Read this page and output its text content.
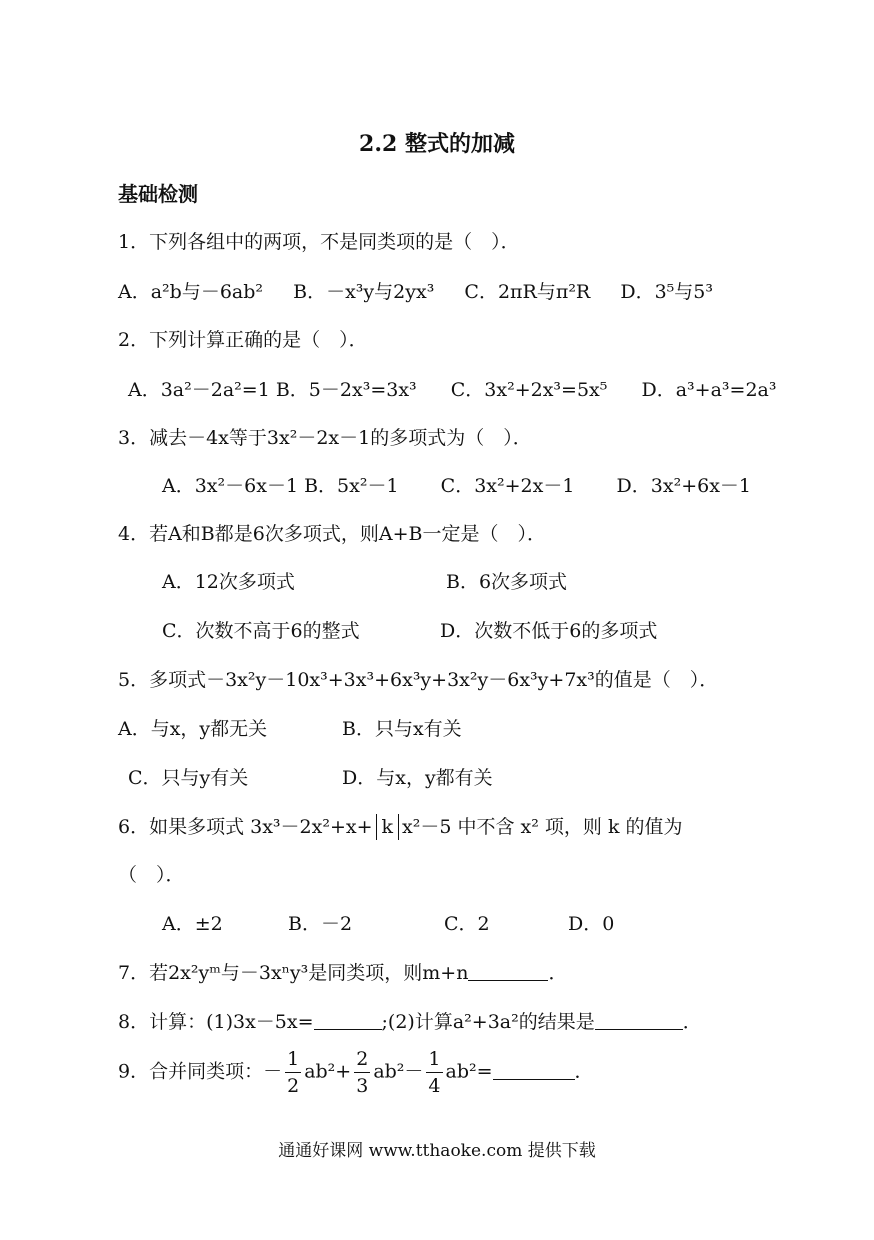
2.2 整式的加减
基础检测
1．下列各组中的两项，不是同类项的是（　）．
A．a²b与－6ab² B．－x³y与2yx³ C．2πR与π²R D．3⁵与5³
2．下列计算正确的是（　）．
A．3a²－2a²=1 B．5－2x³=3x³ C．3x²+2x³=5x⁵ D．a³+a³=2a³
3．减去－4x等于3x²－2x－1的多项式为（　）．
A．3x²－6x－1 B．5x²－1 C．3x²+2x－1 D．3x²+6x－1
4．若A和B都是6次多项式，则A+B一定是（　）．
A．12次多项式	B．6次多项式
C．次数不高于6的整式	D．次数不低于6的多项式
5．多项式－3x²y－10x³+3x³+6x³y+3x²y－6x³y+7x³的值是（　）．
A．与x，y都无关	B．只与x有关
C．只与y有关	D．与x，y都有关
6．如果多项式 3x³－2x²+x+ k x²－5 中不含 x² 项，则 k 的值为
（　）．
A．±2	B．－2	C．2	D．0
7．若2x²yᵐ与－3xⁿy³是同类项，则m+n	．
8．计算：(1)3x－5x=	;(2)计算a²+3a²的结果是	．
9．合并同类项：－ $\frac{1}{2} ab^2+ \frac{2}{3} ab^2- \frac{1}{4} ab^2=$	．
通通好课网 www.tthaoke.com 提供下载
